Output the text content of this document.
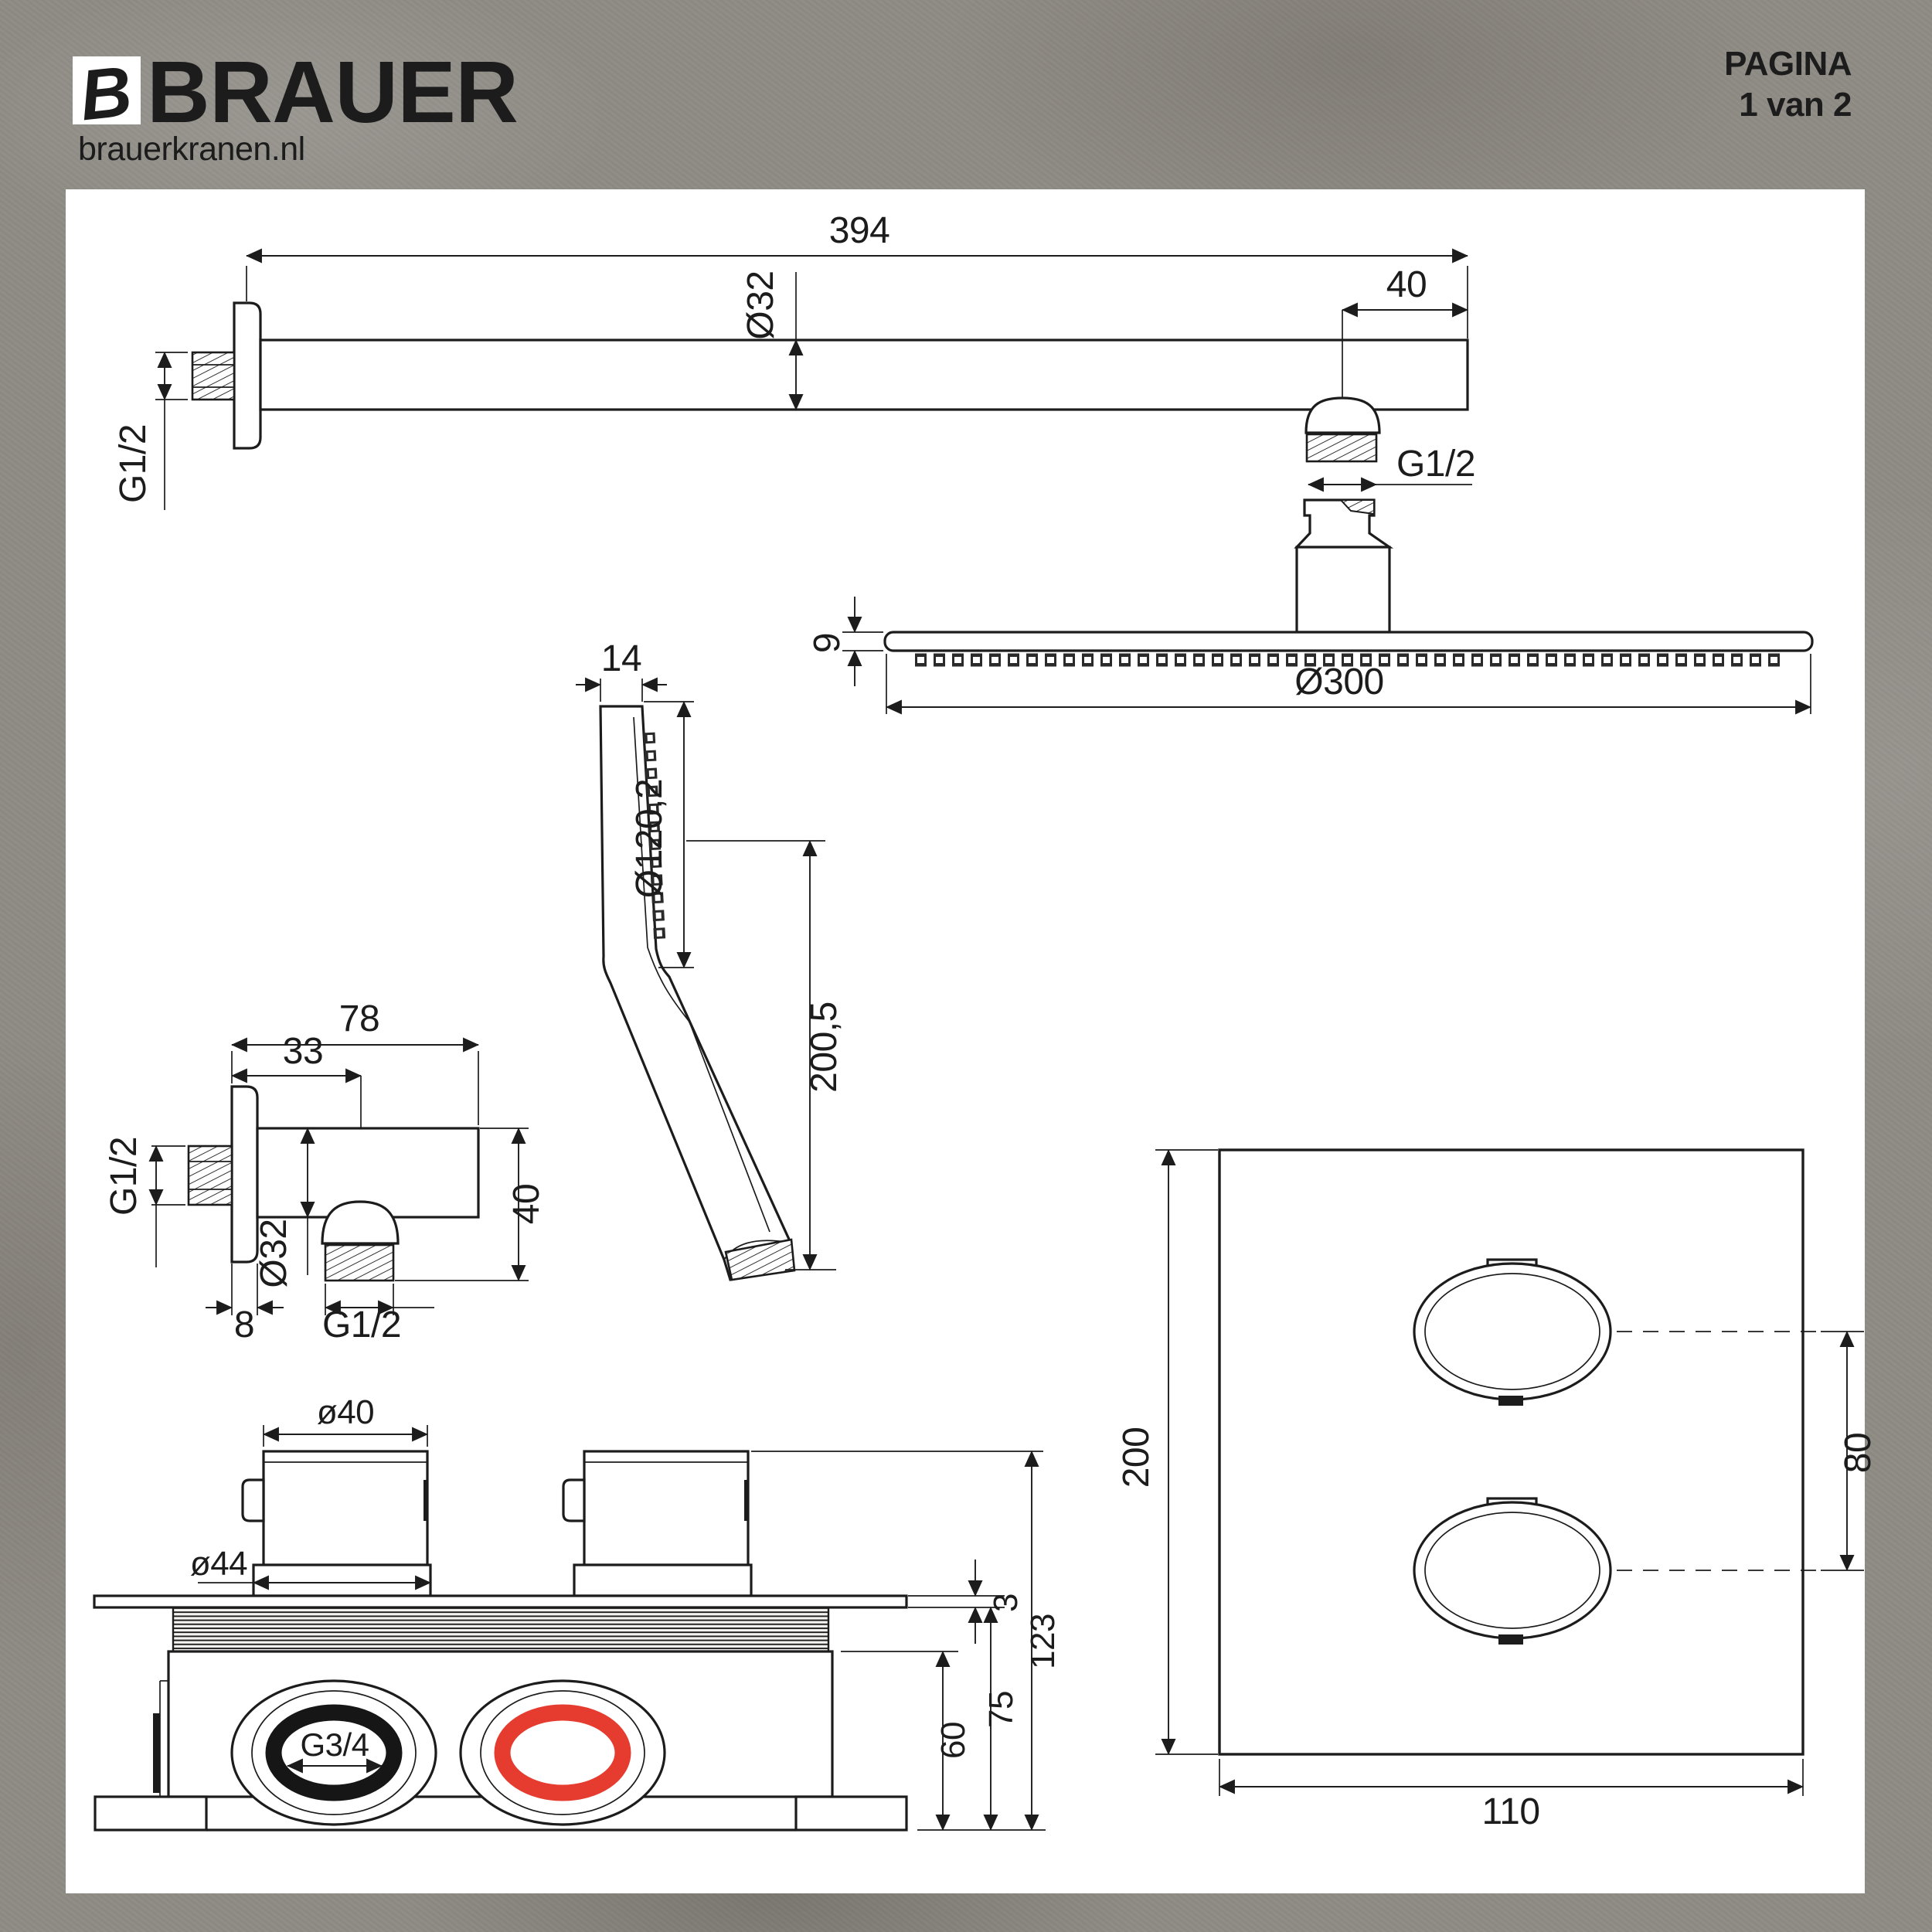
B BRAUER
brauerkranen.nl
PAGINA
1 van 2
394
G1/2
Ø32	40
G1/2
9
Ø300
14
Ø120,2
200,5
78
33
G1/2
Ø32
40
8 G1/2
ø40
ø44
G3/4	60
75
3
123
200	80
110
